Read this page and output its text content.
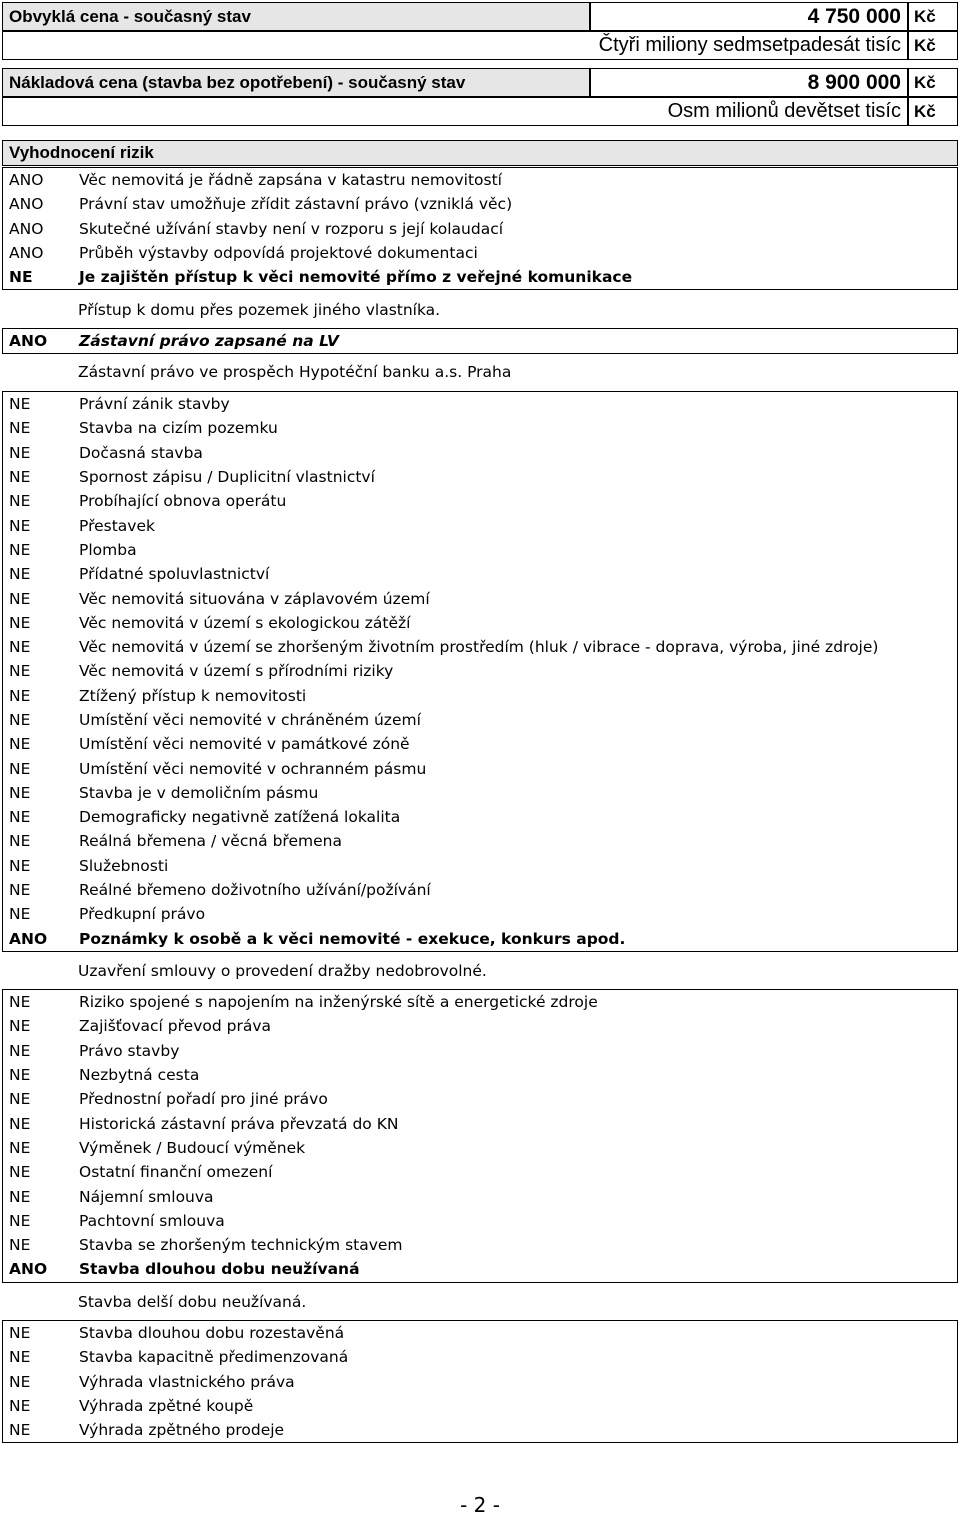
Obvyklá cena - současný stav	4 750 000 Kč
Čtyři miliony sedmsetpadesát tisíc Kč
Nákladová cena (stavba bez opotřebení) - současný stav	8 900 000 Kč
Osm milionů devětset tisíc Kč
Vyhodnocení rizik
ANO	Věc nemovitá je řádně zapsána v katastru nemovitostí
ANO	Právní stav umožňuje zřídit zástavní právo (vzniklá věc)
ANO	Skutečné užívání stavby není v rozporu s její kolaudací
ANO	Průběh výstavby odpovídá projektové dokumentaci
NE	Je zajištěn přístup k věci nemovité přímo z veřejné komunikace
Přístup k domu přes pozemek jiného vlastníka.
ANO	Zástavní právo zapsané na LV
Zástavní právo ve prospěch Hypotéční banku a.s. Praha
NE	Právní zánik stavby
NE	Stavba na cizím pozemku
NE	Dočasná stavba
NE	Spornost zápisu / Duplicitní vlastnictví
NE	Probíhající obnova operátu
NE	Přestavek
NE	Plomba
NE	Přídatné spoluvlastnictví
NE	Věc nemovitá situována v záplavovém území
NE	Věc nemovitá v území s ekologickou zátěží
NE	Věc nemovitá v území se zhoršeným životním prostředím (hluk / vibrace - doprava, výroba, jiné zdroje)
NE	Věc nemovitá v území s přírodními riziky
NE	Ztížený přístup k nemovitosti
NE	Umístění věci nemovité v chráněném území
NE	Umístění věci nemovité v památkové zóně
NE	Umístění věci nemovité v ochranném pásmu
NE	Stavba je v demoličním pásmu
NE	Demograficky negativně zatížená lokalita
NE	Reálná břemena / věcná břemena
NE	Služebnosti
NE	Reálné břemeno doživotního užívání/požívání
NE	Předkupní právo
ANO	Poznámky k osobě a k věci nemovité - exekuce, konkurs apod.
Uzavření smlouvy o provedení dražby nedobrovolné.
NE	Riziko spojené s napojením na inženýrské sítě a energetické zdroje
NE	Zajišťovací převod práva
NE	Právo stavby
NE	Nezbytná cesta
NE	Přednostní pořadí pro jiné právo
NE	Historická zástavní práva převzatá do KN
NE	Výměnek / Budoucí výměnek
NE	Ostatní finanční omezení
NE	Nájemní smlouva
NE	Pachtovní smlouva
NE	Stavba se zhoršeným technickým stavem
ANO	Stavba dlouhou dobu neužívaná
Stavba delší dobu neužívaná.
NE	Stavba dlouhou dobu rozestavěná
NE	Stavba kapacitně předimenzovaná
NE	Výhrada vlastnického práva
NE	Výhrada zpětné koupě
NE	Výhrada zpětného prodeje
- 2 -
